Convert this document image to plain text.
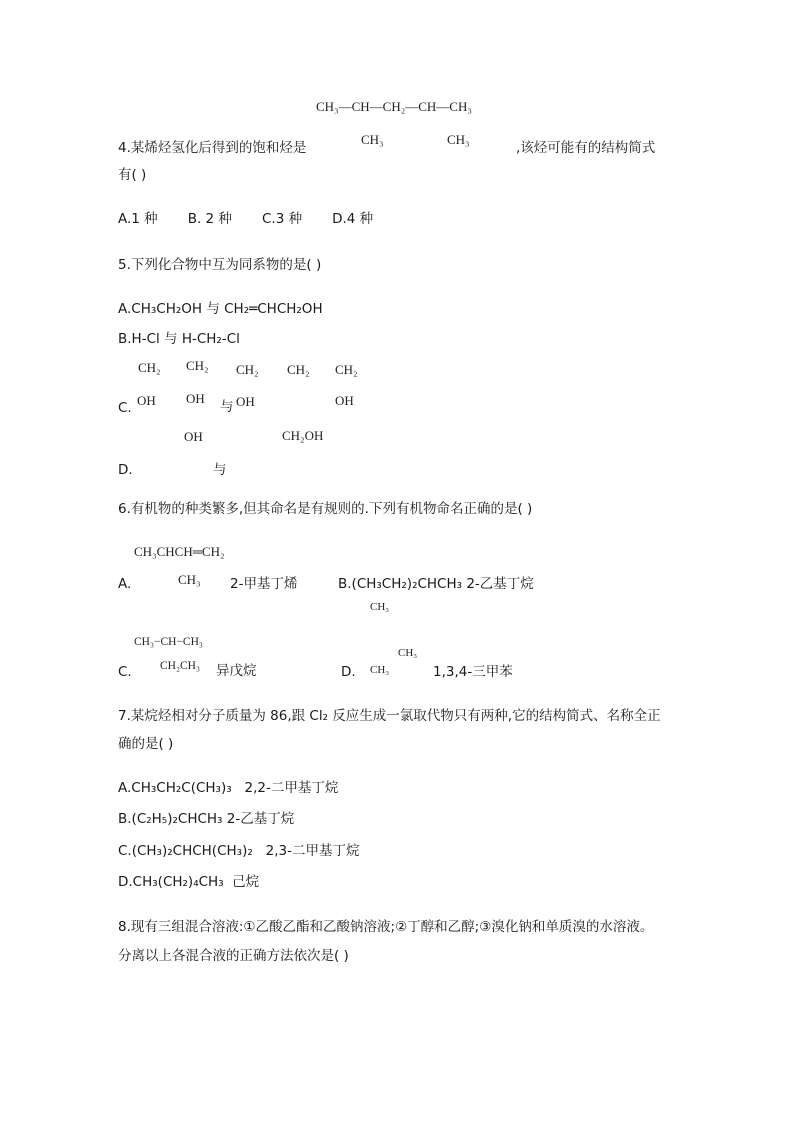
CH₃—CH—CH₂—CH—CH₃
CH₃	CH₃
4.某烯烃氢化后得到的饱和烃是	,该烃可能有的结构简式
有( )
A.1 种       B. 2 种       C.3 种       D.4 种
5.下列化合物中互为同系物的是( )
A.CH₃CH₂OH 与 CH₂═CHCH₂OH
B.H-Cl 与 H-CH₂-Cl
C.
CH₂ CH₂
OH OH
与
CH₂ CH₂ CH₂
OH	OH
D.
OH
与
CH₂OH
6.有机物的种类繁多,但其命名是有规则的.下列有机物命名正确的是( )
CH₃CHCH═CH₂
CH₃
A.	2-甲基丁烯	B.(CH₃CH₂)₂CHCH₃ 2-乙基丁烷
CH₃−CH−CH₃
CH₂CH₃
C.	异戊烷	D.
CH₃
CH₃
CH₃	1,3,4-三甲苯
7.某烷烃相对分子质量为 86,跟 Cl₂ 反应生成一氯取代物只有两种,它的结构简式、名称全正
确的是( )
A.CH₃CH₂C(CH₃)₃   2,2-二甲基丁烷
B.(C₂H₅)₂CHCH₃ 2-乙基丁烷
C.(CH₃)₂CHCH(CH₃)₂   2,3-二甲基丁烷
D.CH₃(CH₂)₄CH₃  己烷
8.现有三组混合溶液:①乙酸乙酯和乙酸钠溶液;②丁醇和乙醇;③溴化钠和单质溴的水溶液。
分离以上各混合液的正确方法依次是( )
